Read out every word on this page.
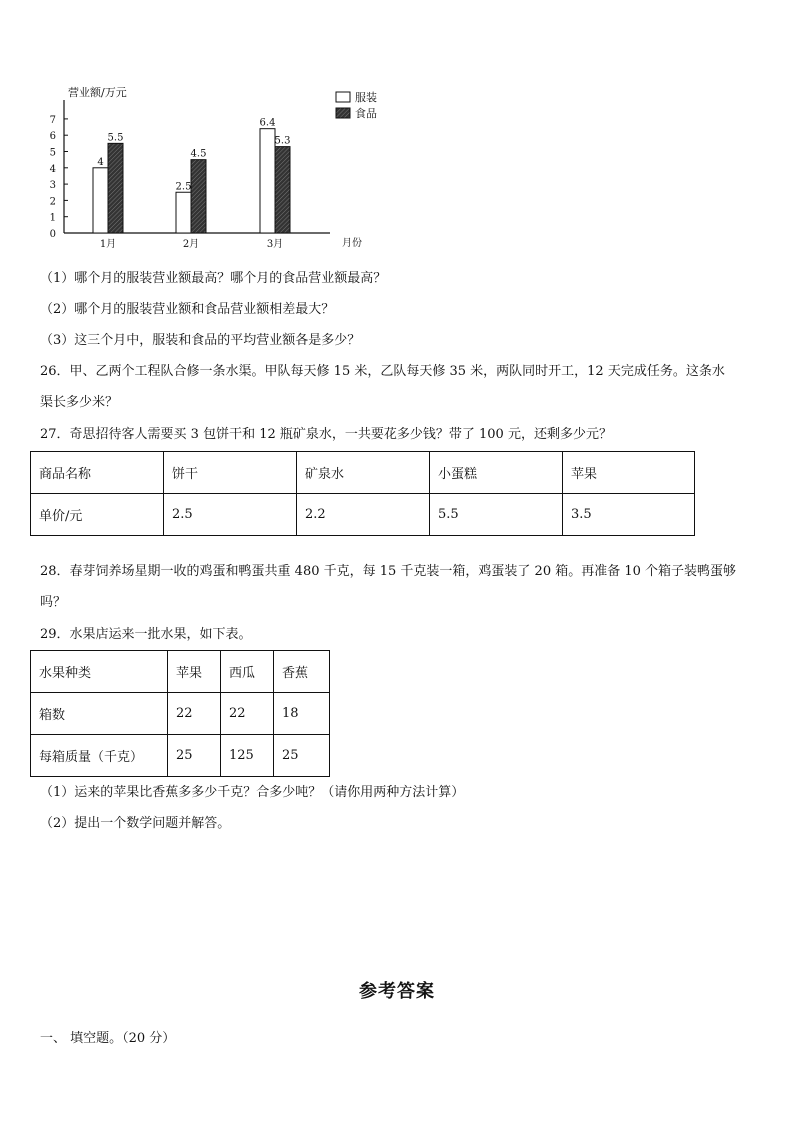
0
1
2
3
4
5
6
7
营业额/万元
月份
4
5.5
1月
2.5
4.5
2月
6.4
5.3
3月
服装
食品
（1）哪个月的服装营业额最高？哪个月的食品营业额最高？
（2）哪个月的服装营业额和食品营业额相差最大？
（3）这三个月中，服装和食品的平均营业额各是多少？
26．甲、乙两个工程队合修一条水渠。甲队每天修 15 米，乙队每天修 35 米，两队同时开工，12 天完成任务。这条水
渠长多少米？
27．奇思招待客人需要买 3 包饼干和 12 瓶矿泉水，一共要花多少钱？带了 100 元，还剩多少元？
商品名称	饼干	矿泉水	小蛋糕	苹果
单价/元	2.5	2.2	5.5	3.5
28．春芽饲养场星期一收的鸡蛋和鸭蛋共重 480 千克，每 15 千克装一箱，鸡蛋装了 20 箱。再准备 10 个箱子装鸭蛋够
吗？
29．水果店运来一批水果，如下表。
水果种类	苹果	西瓜	香蕉
箱数	22	22	18
每箱质量（千克）	25	125	25
（1）运来的苹果比香蕉多多少千克？合多少吨？（请你用两种方法计算）
（2）提出一个数学问题并解答。
参考答案
一、 填空题。（20 分）
